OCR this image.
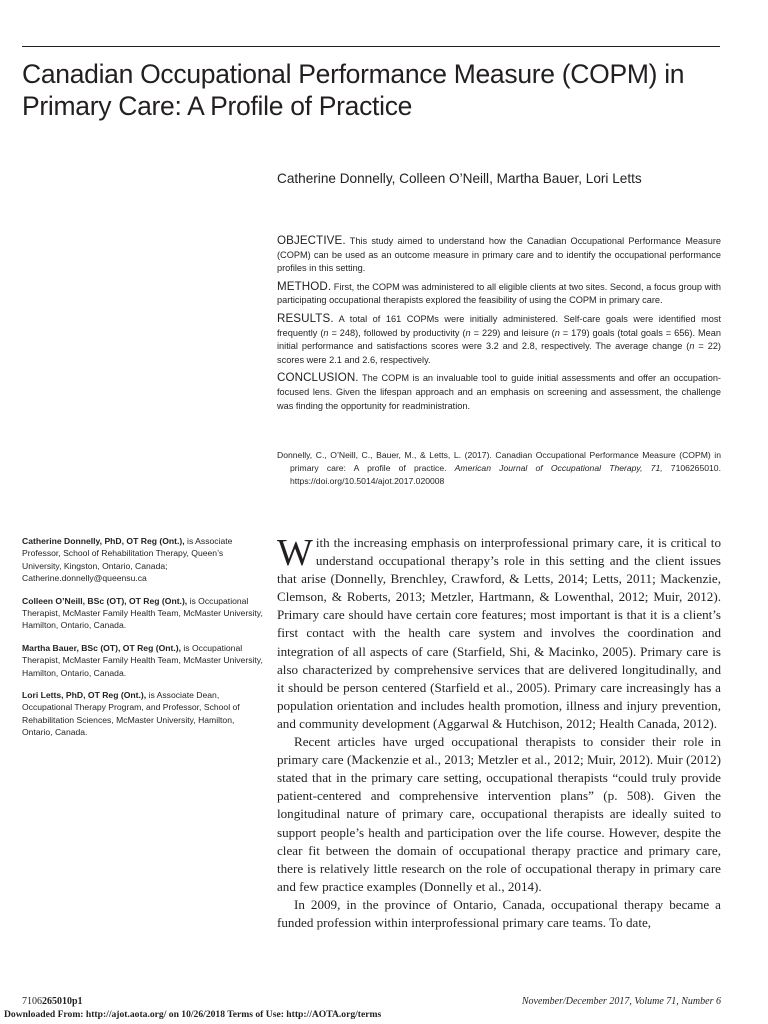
Canadian Occupational Performance Measure (COPM) in Primary Care: A Profile of Practice
Catherine Donnelly, Colleen O’Neill, Martha Bauer, Lori Letts

OBJECTIVE. This study aimed to understand how the Canadian Occupational Performance Measure (COPM) can be used as an outcome measure in primary care and to identify the occupational performance profiles in this setting.

METHOD. First, the COPM was administered to all eligible clients at two sites. Second, a focus group with participating occupational therapists explored the feasibility of using the COPM in primary care.

RESULTS. A total of 161 COPMs were initially administered. Self-care goals were identified most frequently (n = 248), followed by productivity (n = 229) and leisure (n = 179) goals (total goals = 656). Mean initial performance and satisfactions scores were 3.2 and 2.8, respectively. The average change (n = 22) scores were 2.1 and 2.6, respectively.

CONCLUSION. The COPM is an invaluable tool to guide initial assessments and offer an occupation-focused lens. Given the lifespan approach and an emphasis on screening and assessment, the challenge was finding the opportunity for readministration.

Donnelly, C., O’Neill, C., Bauer, M., & Letts, L. (2017). Canadian Occupational Performance Measure (COPM) in primary care: A profile of practice. American Journal of Occupational Therapy, 71, 7106265010. https://doi.org/10.5014/ajot.2017.020008
Catherine Donnelly, PhD, OT Reg (Ont.), is Associate Professor, School of Rehabilitation Therapy, Queen’s University, Kingston, Ontario, Canada; Catherine.donnelly@queensu.ca
Colleen O’Neill, BSc (OT), OT Reg (Ont.), is Occupational Therapist, McMaster Family Health Team, McMaster University, Hamilton, Ontario, Canada.
Martha Bauer, BSc (OT), OT Reg (Ont.), is Occupational Therapist, McMaster Family Health Team, McMaster University, Hamilton, Ontario, Canada.
Lori Letts, PhD, OT Reg (Ont.), is Associate Dean, Occupational Therapy Program, and Professor, School of Rehabilitation Sciences, McMaster University, Hamilton, Ontario, Canada.

With the increasing emphasis on interprofessional primary care, it is critical to understand occupational therapy’s role in this setting and the client issues that arise (Donnelly, Brenchley, Crawford, & Letts, 2014; Letts, 2011; Mackenzie, Clemson, & Roberts, 2013; Metzler, Hartmann, & Lowenthal, 2012; Muir, 2012). Primary care should have certain core features; most important is that it is a client’s first contact with the health care system and involves the coordination and integration of all aspects of care (Starfield, Shi, & Macinko, 2005). Primary care is also characterized by comprehensive services that are delivered longitudinally, and it should be person centered (Starfield et al., 2005). Primary care increasingly has a population orientation and includes health promotion, illness and injury prevention, and community development (Aggarwal & Hutchison, 2012; Health Canada, 2012).

Recent articles have urged occupational therapists to consider their role in primary care (Mackenzie et al., 2013; Metzler et al., 2012; Muir, 2012). Muir (2012) stated that in the primary care setting, occupational therapists “could truly provide patient-centered and comprehensive intervention plans” (p. 508). Given the longitudinal nature of primary care, occupational therapists are ideally suited to support people’s health and participation over the life course. However, despite the clear fit between the domain of occupational therapy practice and primary care, there is relatively little research on the role of occupational therapy in primary care and few practice examples (Donnelly et al., 2014).

In 2009, in the province of Ontario, Canada, occupational therapy became a funded profession within interprofessional primary care teams. To date,

7106265010p1	November/December 2017, Volume 71, Number 6
Downloaded From: http://ajot.aota.org/ on 10/26/2018 Terms of Use: http://AOTA.org/terms
